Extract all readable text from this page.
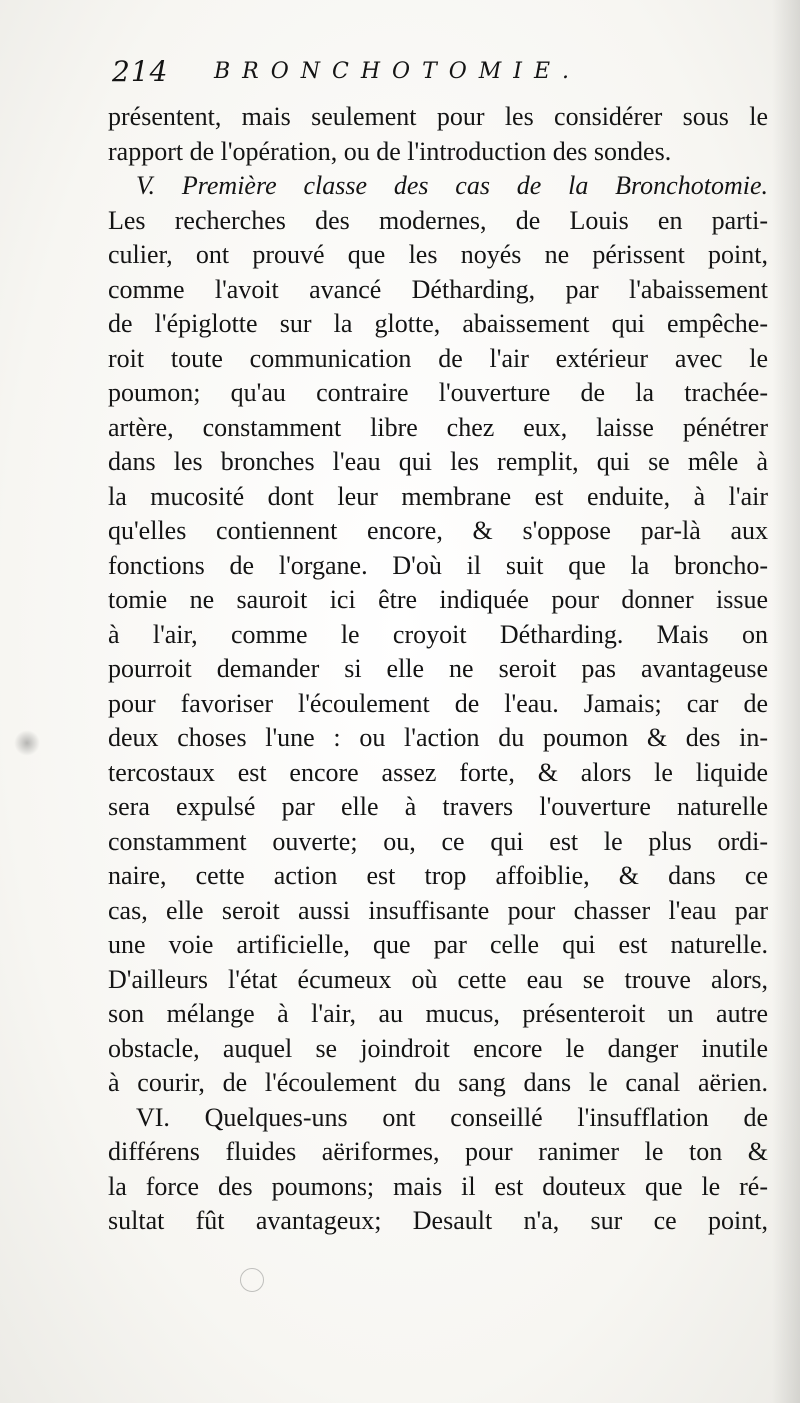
214 BRONCHOTOMIE.
présentent, mais seulement pour les considérer sous le
rapport de l'opération, ou de l'introduction des sondes.
V. Première classe des cas de la Bronchotomie.
Les recherches des modernes, de Louis en parti-
culier, ont prouvé que les noyés ne périssent point,
comme l'avoit avancé Détharding, par l'abaissement
de l'épiglotte sur la glotte, abaissement qui empêche-
roit toute communication de l'air extérieur avec le
poumon; qu'au contraire l'ouverture de la trachée-
artère, constamment libre chez eux, laisse pénétrer
dans les bronches l'eau qui les remplit, qui se mêle à
la mucosité dont leur membrane est enduite, à l'air
qu'elles contiennent encore, & s'oppose par-là aux
fonctions de l'organe. D'où il suit que la broncho-
tomie ne sauroit ici être indiquée pour donner issue
à l'air, comme le croyoit Détharding. Mais on
pourroit demander si elle ne seroit pas avantageuse
pour favoriser l'écoulement de l'eau. Jamais; car de
deux choses l'une : ou l'action du poumon & des in-
tercostaux est encore assez forte, & alors le liquide
sera expulsé par elle à travers l'ouverture naturelle
constamment ouverte; ou, ce qui est le plus ordi-
naire, cette action est trop affoiblie, & dans ce
cas, elle seroit aussi insuffisante pour chasser l'eau par
une voie artificielle, que par celle qui est naturelle.
D'ailleurs l'état écumeux où cette eau se trouve alors,
son mélange à l'air, au mucus, présenteroit un autre
obstacle, auquel se joindroit encore le danger inutile
à courir, de l'écoulement du sang dans le canal aërien.
VI. Quelques-uns ont conseillé l'insufflation de
différens fluides aëriformes, pour ranimer le ton &
la force des poumons; mais il est douteux que le ré-
sultat fût avantageux; Desault n'a, sur ce point,
